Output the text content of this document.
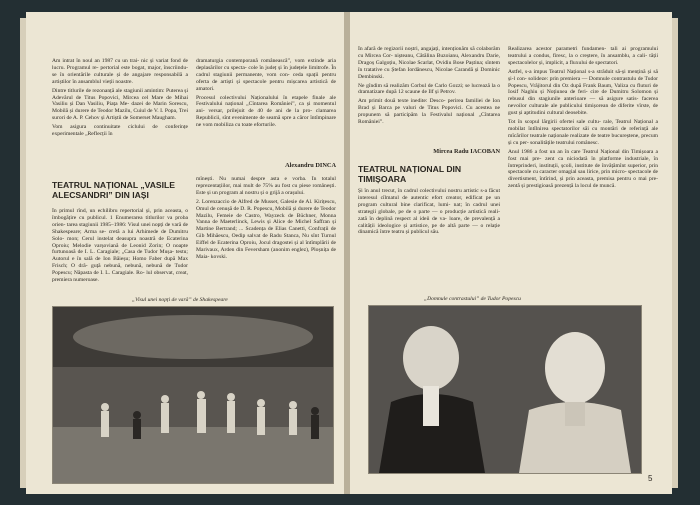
Am intrat în noul an 1987 cu un trai- nic și variat fond de lucru. Programul re- pertorial este bogat, major, înscriindu-se în orientările culturale și de angajare responsabilă a artiștilor în ansamblul vieții noastre.

Dintre titlurile de rezonanță ale stagiunii amintim: Puterea și Adevărul de Titus Popovici, Mircea cel Mare de Mihai Vasiliu și Dan Vasiliu, Piața Me- dazei de Marin Sorescu, Mobilă și durere de Teodor Mazilu, Cuiul de V. I. Popa, Trei surori de A. P. Cehov și Artiștii de Somerset Maugham.

Vom asigura continuitate ciclului de conferințe experimentale „Reflecții în

dramaturgia contemporană românească”, vom extinde aria deplasărilor cu specta- cole în județ și în județele limitrofe. În cadrul stagiunii permanente, vom con- ceda spații pentru oferta de artiști și spectacole pentru mișcarea artistică de amatori.

Procesul colectivului Naționalului în etapele finale ale Festivalului național „Cîntarea României”, ca și momentul ani- versar, prilejuit de 40 de ani de la pro- clamarea Republicii, sînt evenimente de seamă spre a căror întîmpinare ne vom mobiliza cu toate eforturile.

Alexandru DINCA

TEATRUL NAȚIONAL „VASILE ALECSANDRI” DIN IAȘI

În primul rînd, un echilibru repertorial și, prin aceasta, o îmbogățire cu publicul. 1 Enumerarea titlurilor va proba orien- tarea stagiunii 1985–1986: Visul unei nopți de vară de Shakespeare; Arma se- cretă a lui Arhimede de Dumitru Solo- mon; Cerul instelat deasupra noastră de Ecaterina Oproiu; Melodie varșoviană de Leonid Zorin; O noapte furtunoasă de I. L. Caragiale; „Casa de Tudor Mușa- testu; Autorul e în sală de Ion Băieșu; Homo Faber după Max Frisch; O dră- guță nebună, nebună, nebună de Tudor Popescu; Năpasta de I. L. Caragiale. Ro- lul observat, creat, premiera numeroase.

mînești. Nu numai despre asta e vorba. În totalul reprezentațiilor, mai mult de 75% au fost cu piese românești. Este și un program al nostru și o grijă a orașului.

2. Lorenzaccio de Alfred de Musset, Galesie de Al. Kirițescu, Omul de cenușă de D. R. Popescu, Mobilă și durere de Teodor Mazilu, Femeie de Castro, Wayzeck de Büchner, Monna Vanna de Maeterlinck, Lewis și Alice de Michel Saffran și Martine Bertrand; ... Scadența de Elias Canetti, Confrații de Gib Mihăescu, Oedip salvat de Radu Stanca, Nu sînt Turnul Eiffel de Ecaterina Oproiu, Jocul dragostei și al întîmplării de Marivaux, Arden din Feversham (anonim englez), Ploșnița de Maia- kovski.

„Visul unei nopți de vară” de Shakespeare

În afară de regizorii noștri, angajați, intenționăm să colaborăm cu Mircea Cor- nișteanu, Cătălina Buzoianu, Alexandru Darie, Dragoș Galgoțiu, Nicolae Scarlat, Ovidiu Bose Paștina; sîntem în tratative cu Ștefan Iordănescu, Nicolae Carandă și Dominic Dembinski.

Ne gîndim să realizăm Corbul de Carlo Gozzi; se lucrează la o dramatizare după 12 scaune de Ilf și Petrov.

Am primit două texte inedite: Desco- perirea familiei de Ion Brad și Barca pe valuri de Titus Popovici. Cu acestea ne propunem să participăm la Festivalul național „Cîntarea României”.

Mircea Radu IACOBAN

TEATRUL NAȚIONAL DIN TIMIȘOARA

Și în anul trecut, în cadrul colectivului nostru artistic s-a făcut interesul cîlmatul de autentic efort creator, edificat pe un program cultural bine clarificat, lumi- nat; în cadrul unei strategii globale, pe de o parte — o producție artistică reali- zată în deplină respect al ideii de va- loare, de prevalență a calității ideologice și artistice, pe de altă parte — o relație dinamică între teatru și publicul său.

Realizarea acestor parametri fundamen- tali ai programului teatrului a condus, firesc, la o creștere, în ansamblu, a cali- tății spectacolelor și, implicit, a fluxului de spectatori.

Astfel, s-a impus Teatrul Național s-a străduit să-și mențină și să și-l con- solideze: prin premiera — Domnule contrastulu de Tudor Popescu, Vrăjitorul din Oz după Frank Baum, Valiza cu fluturi de Iosif Naghiu și Noțiunea de feri- cire de Dumitru Solomon și rebusul din stagiunile anterioare — să asigure satis- facerea nevoilor culturale ale publicului timișorean de diferite vîrste, de gust și aptitudini cultural deosebite.

Tot în scopul lărgirii ofertei sale cultu- rale, Teatrul Național a mobilat întîlnirea spectatorilor săi cu montări de referință ale mîcărilor teatrale naționale realizate de teatre bucureștene, precum și cu per- sonalitățile teatrului românesc.

Anul 1986 a fost un an în care Teatrul Național din Timișoara a fost mai pre- zent ca niciodată în platforme industriale, în întreprinderi, instituții, școli, institute de învățămînt superior, prin spectacole cu caracter omagial sau lirice, prin micro- spectacole de divertisment, întîrind, și prin aceasta, premisa pentru o mai pre- zentă și prestigioasă prezență la locul de muncă.

„Domnule contrastului” de Tudor Popescu
5
